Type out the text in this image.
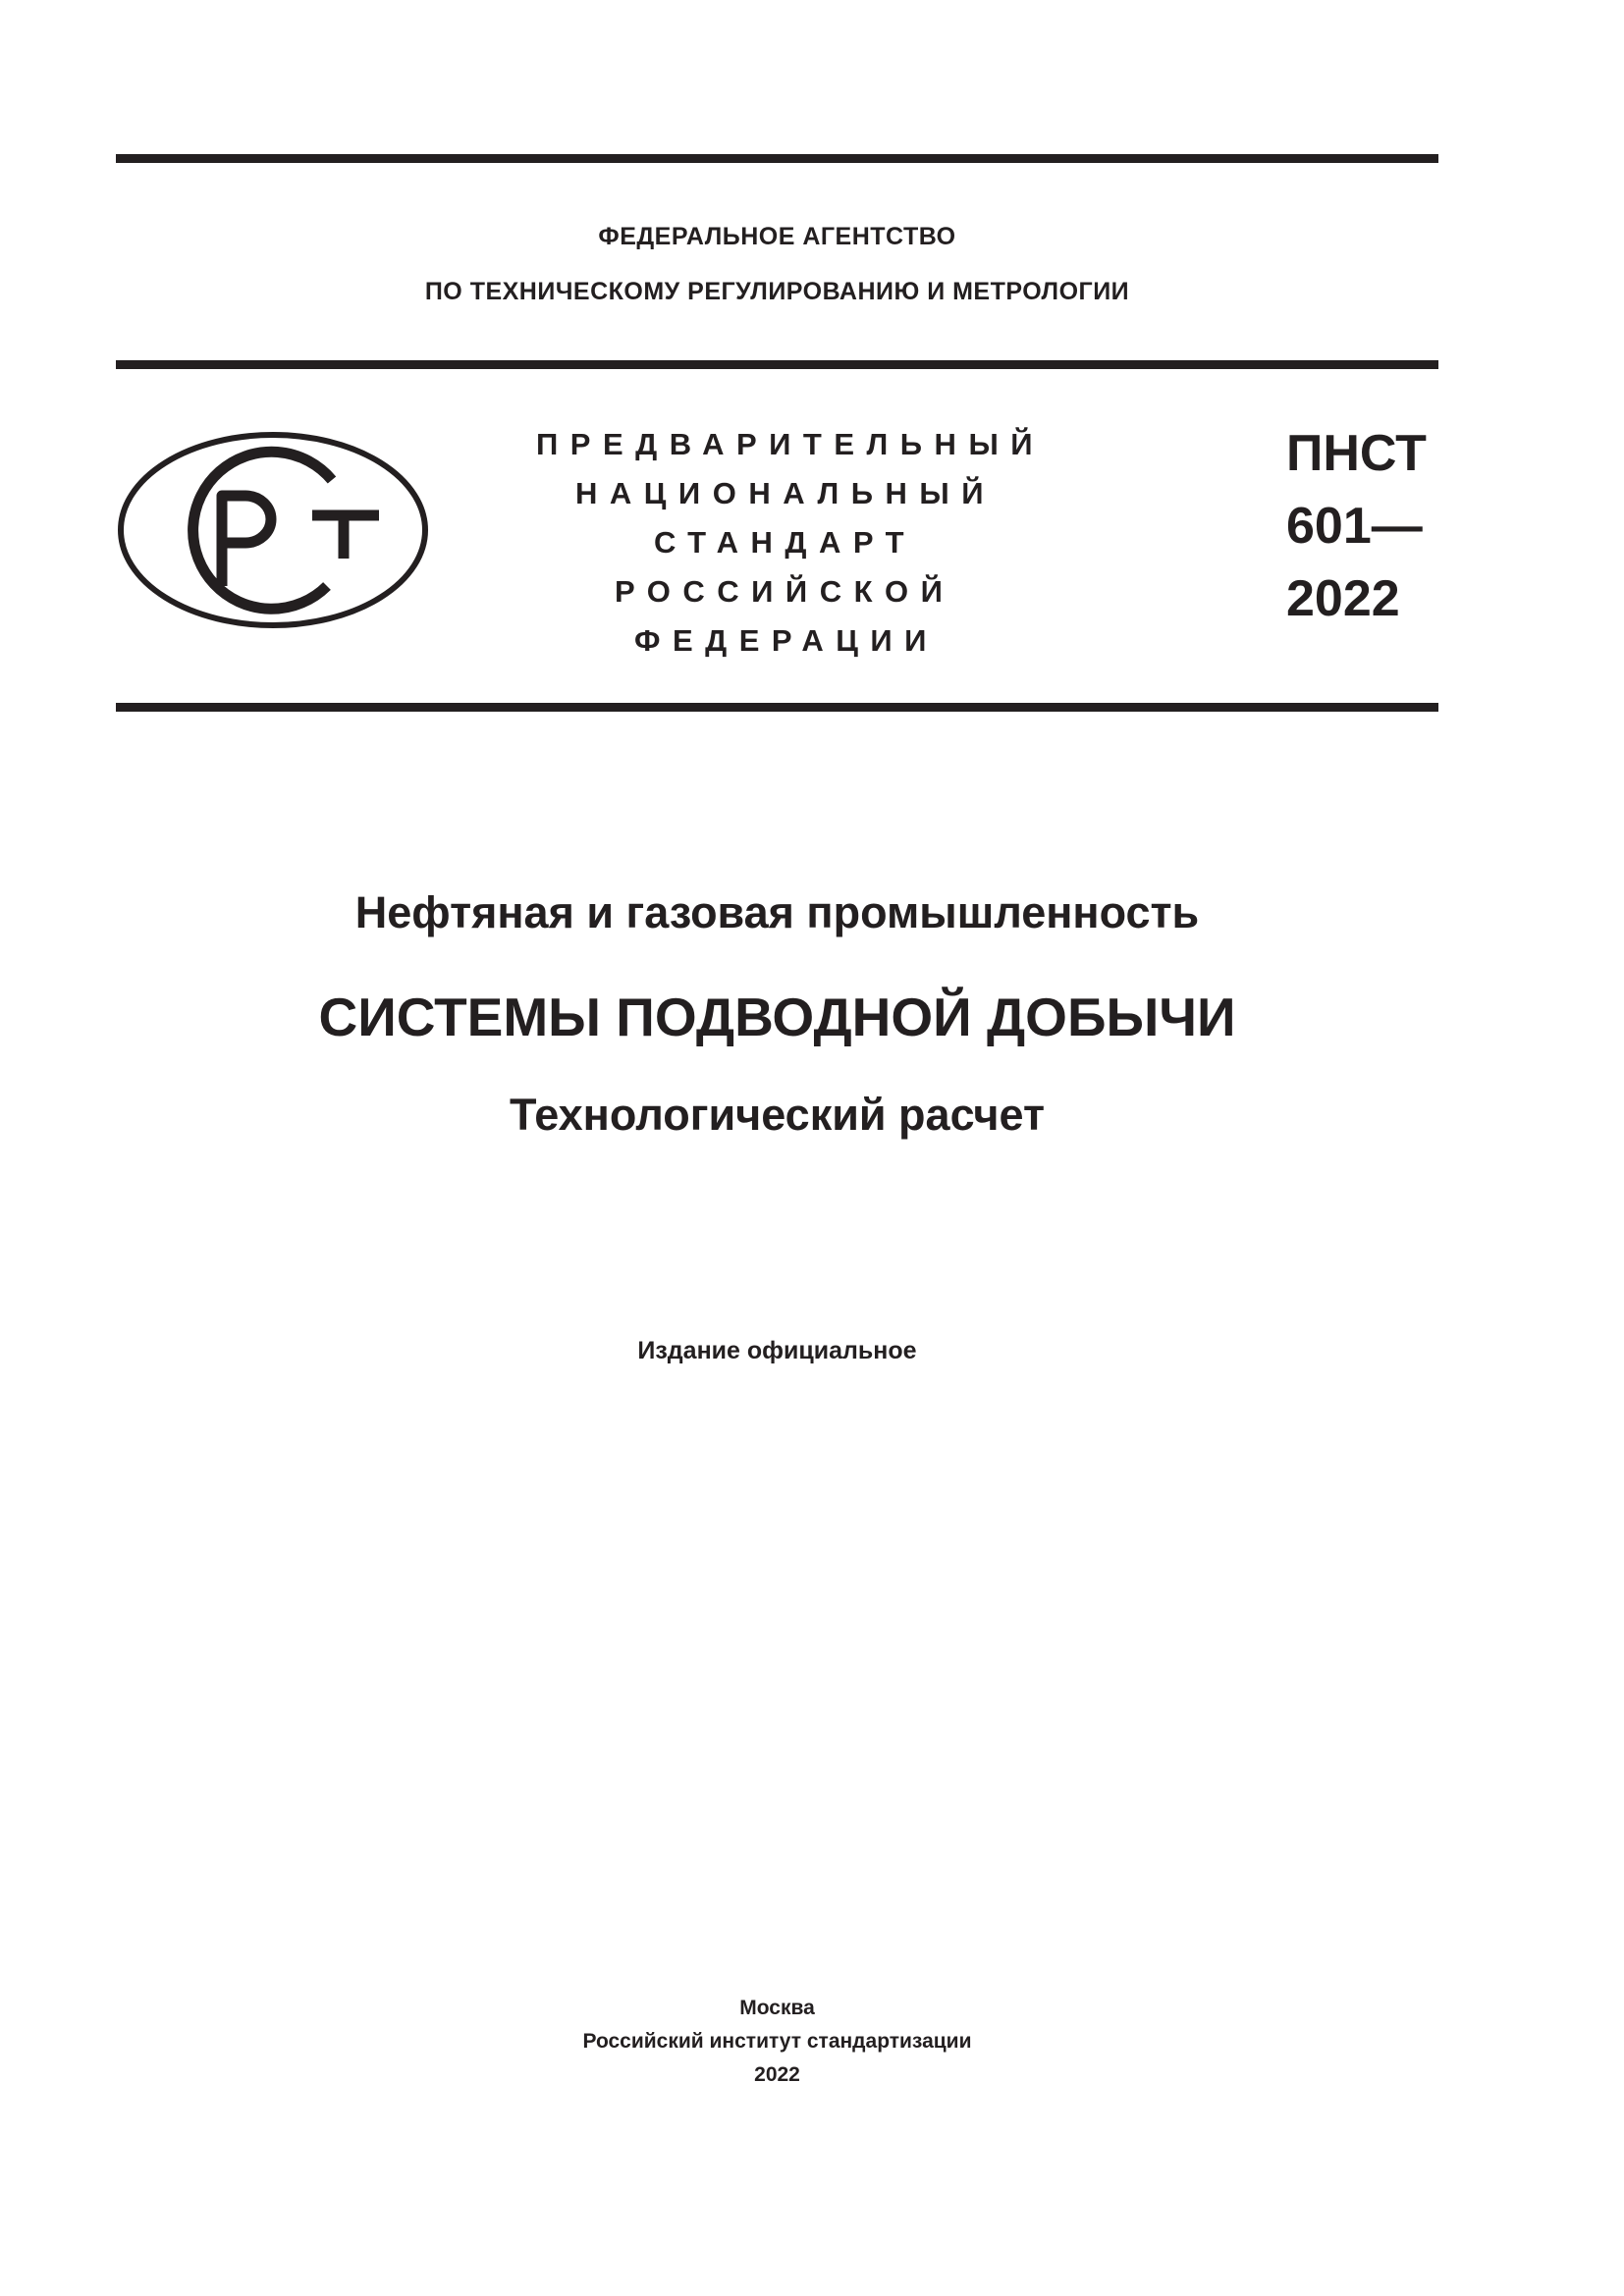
ФЕДЕРАЛЬНОЕ АГЕНТСТВО
ПО ТЕХНИЧЕСКОМУ РЕГУЛИРОВАНИЮ И МЕТРОЛОГИИ
ПРЕДВАРИТЕЛЬНЫЙ
НАЦИОНАЛЬНЫЙ
СТАНДАРТ
РОССИЙСКОЙ
ФЕДЕРАЦИИ
ПНСТ
601—
2022
Нефтяная и газовая промышленность
СИСТЕМЫ ПОДВОДНОЙ ДОБЫЧИ
Технологический расчет
Издание официальное
Москва
Российский институт стандартизации
2022
